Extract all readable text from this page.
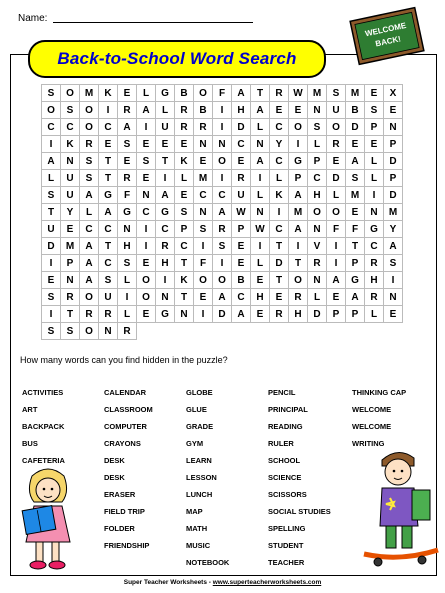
Name:
Back-to-School Word Search
WELCOME
BACK!
S	O	M	K	E	L	G	B	O	F	A	T	R	W	M	S	M	E	X
O	S	O	I	R	A	L	R	B	I	H	A	E	E	N	U	B	S	E
C	C	O	C	A	I	U	R	R	I	D	L	C	O	S	O	D	P	N
I	K	R	E	S	E	E	E	N	N	C	N	Y	I	L	R	E	E	P
A	N	S	T	E	S	T	K	E	O	E	A	C	G	P	E	A	L	D
L	U	S	T	R	E	I	L	M	I	R	I	L	P	C	D	S	L	P
S	U	A	G	F	N	A	E	C	C	U	L	K	A	H	L	M	I	D
T	Y	L	A	G	C	G	S	N	A	W	N	I	M	O	O	E	N	M
U	E	C	C	N	I	C	P	S	R	P	W	C	A	N	F	F	G	Y
D	M	A	T	H	I	R	C	I	S	E	I	T	I	V	I	T	C	A
I	P	A	C	S	E	H	T	F	I	E	L	D	T	R	I	P	R	S
E	N	A	S	L	O	I	K	O	O	B	E	T	O	N	A	G	H	I
S	R	O	U	I	O	N	T	E	A	C	H	E	R	L	E	A	R	N
I	T	R	R	L	E	G	N	I	D	A	E	R	H	D	P	P	L	E
S	S	O	N	R
How many words can you find hidden in the puzzle?
ACTIVITIES
ART
BACKPACK
BUS
CAFETERIA
CALENDAR
CLASSROOM
COMPUTER
CRAYONS
DESK
DESK
ERASER
FIELD TRIP
FOLDER
FRIENDSHIP
GLOBE
GLUE
GRADE
GYM
LEARN
LESSON
LUNCH
MAP
MATH
MUSIC
NOTEBOOK
PENCIL
PRINCIPAL
READING
RULER
SCHOOL
SCIENCE
SCISSORS
SOCIAL STUDIES
SPELLING
STUDENT
TEACHER
THINKING CAP
WELCOME
WELCOME
WRITING
Super Teacher Worksheets - www.superteacherworksheets.com
